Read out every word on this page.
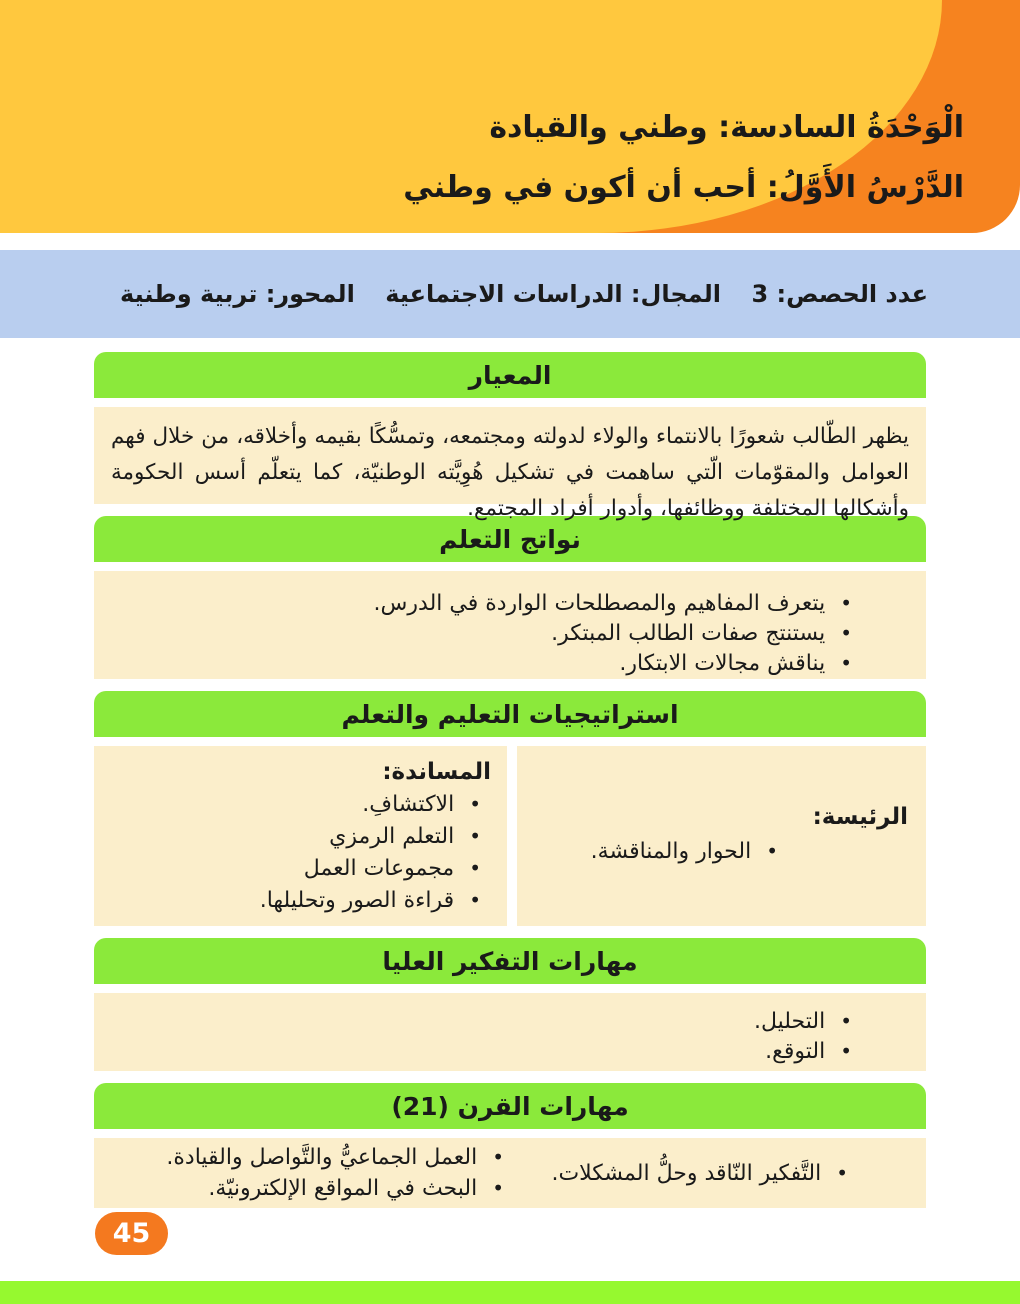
الْوَحْدَةُ السادسة: وطني والقيادة
الدَّرْسُ الأَوَّلُ: أحب أن أكون في وطني
عدد الحصص: 3
المجال: الدراسات الاجتماعية
المحور: تربية وطنية
المعيار
يظهر الطّالب شعورًا بالانتماء والولاء لدولته ومجتمعه، وتمسُّكًا بقيمه وأخلاقه، من خلال فهم العوامل والمقوّمات الّتي ساهمت في تشكيل هُوِيَّته الوطنيّة، كما يتعلّم أسس الحكومة وأشكالها المختلفة ووظائفها، وأدوار أفراد المجتمع.
نواتج التعلم
•
يتعرف المفاهيم والمصطلحات الواردة في الدرس.
•
يستنتج صفات الطالب المبتكر.
•
يناقش مجالات الابتكار.
استراتيجيات التعليم والتعلم
الرئيسة:
•
الحوار والمناقشة.
المساندة:
•
الاكتشافِ.
•
التعلم الرمزي
•
مجموعات العمل
•
قراءة الصور وتحليلها.
مهارات التفكير العليا
•
التحليل.
•
التوقع.
مهارات القرن (21)
•
التَّفكير النّاقد وحلُّ المشكلات.
•
العمل الجماعيُّ والتَّواصل والقيادة.
•
البحث في المواقع الإلكترونيّة.
45
